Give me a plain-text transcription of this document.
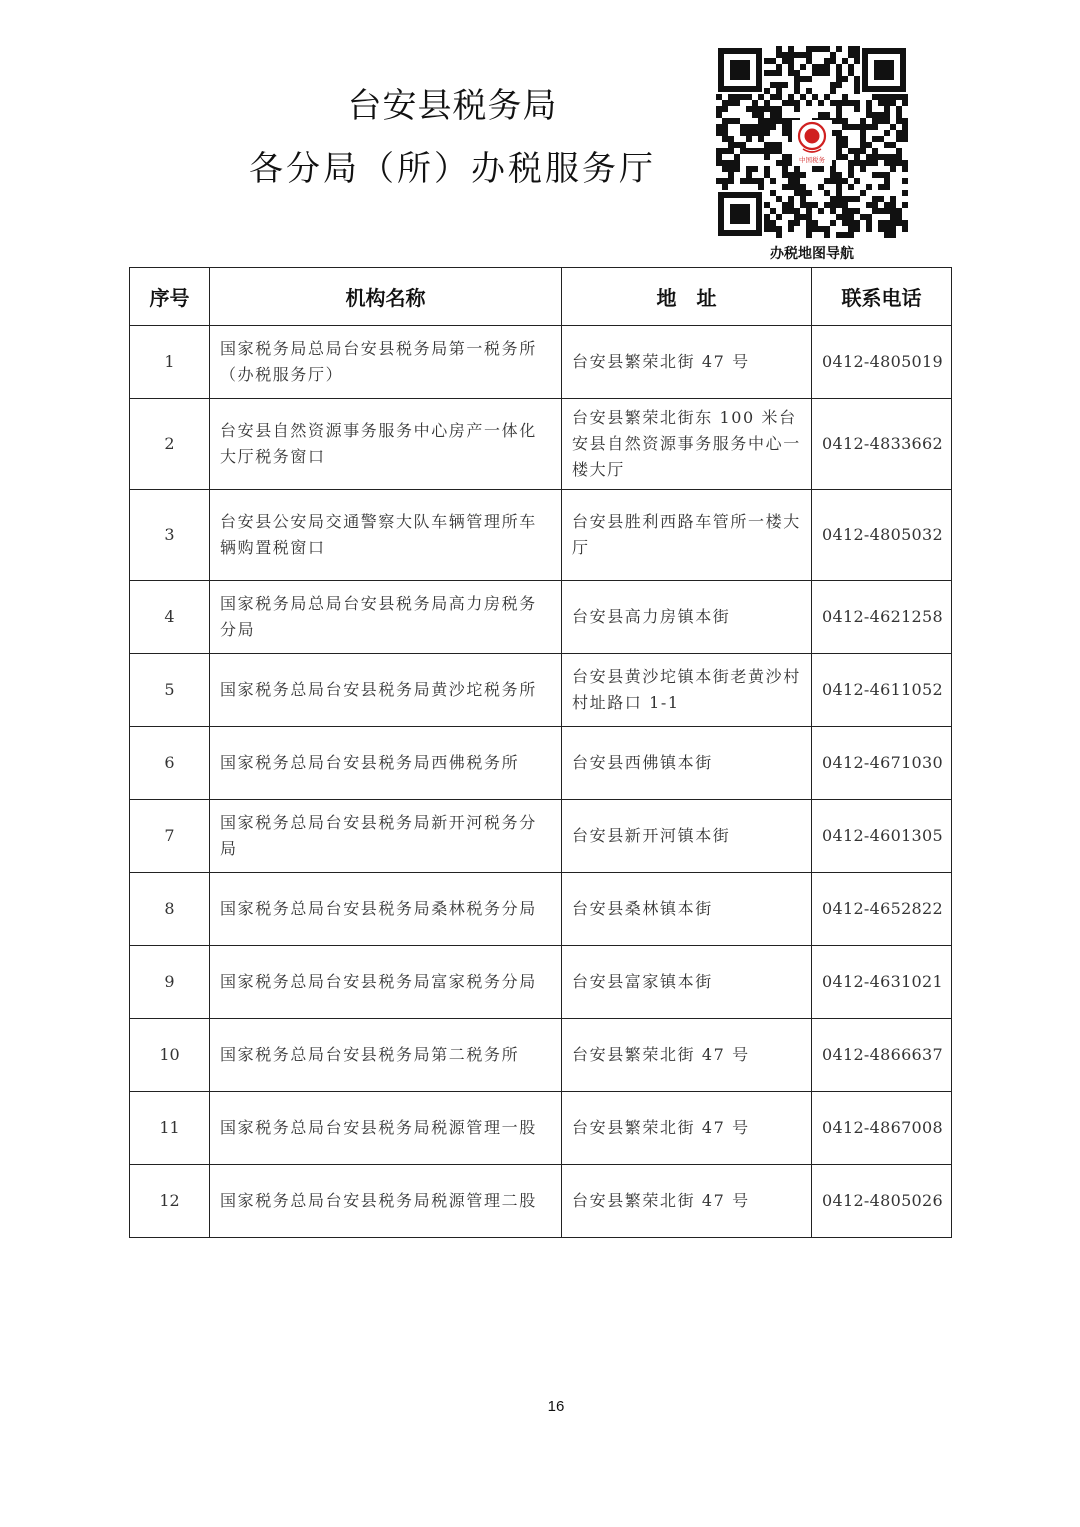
台安县税务局
各分局（所）办税服务厅	中国税务
办税地图导航
序号	机构名称	地　址	联系电话
1	国家税务局总局台安县税务局第一税务所（办税服务厅）	台安县繁荣北街 47 号	0412-4805019
2	台安县自然资源事务服务中心房产一体化大厅税务窗口	台安县繁荣北街东 100 米台安县自然资源事务服务中心一楼大厅	0412-4833662
3	台安县公安局交通警察大队车辆管理所车辆购置税窗口	台安县胜利西路车管所一楼大厅	0412-4805032
4	国家税务局总局台安县税务局高力房税务分局	台安县高力房镇本街	0412-4621258
5	国家税务总局台安县税务局黄沙坨税务所	台安县黄沙坨镇本街老黄沙村村址路口 1-1	0412-4611052
6	国家税务总局台安县税务局西佛税务所	台安县西佛镇本街	0412-4671030
7	国家税务总局台安县税务局新开河税务分局	台安县新开河镇本街	0412-4601305
8	国家税务总局台安县税务局桑林税务分局	台安县桑林镇本街	0412-4652822
9	国家税务总局台安县税务局富家税务分局	台安县富家镇本街	0412-4631021
10	国家税务总局台安县税务局第二税务所	台安县繁荣北街 47 号	0412-4866637
11	国家税务总局台安县税务局税源管理一股	台安县繁荣北街 47 号	0412-4867008
12	国家税务总局台安县税务局税源管理二股	台安县繁荣北街 47 号	0412-4805026
16
